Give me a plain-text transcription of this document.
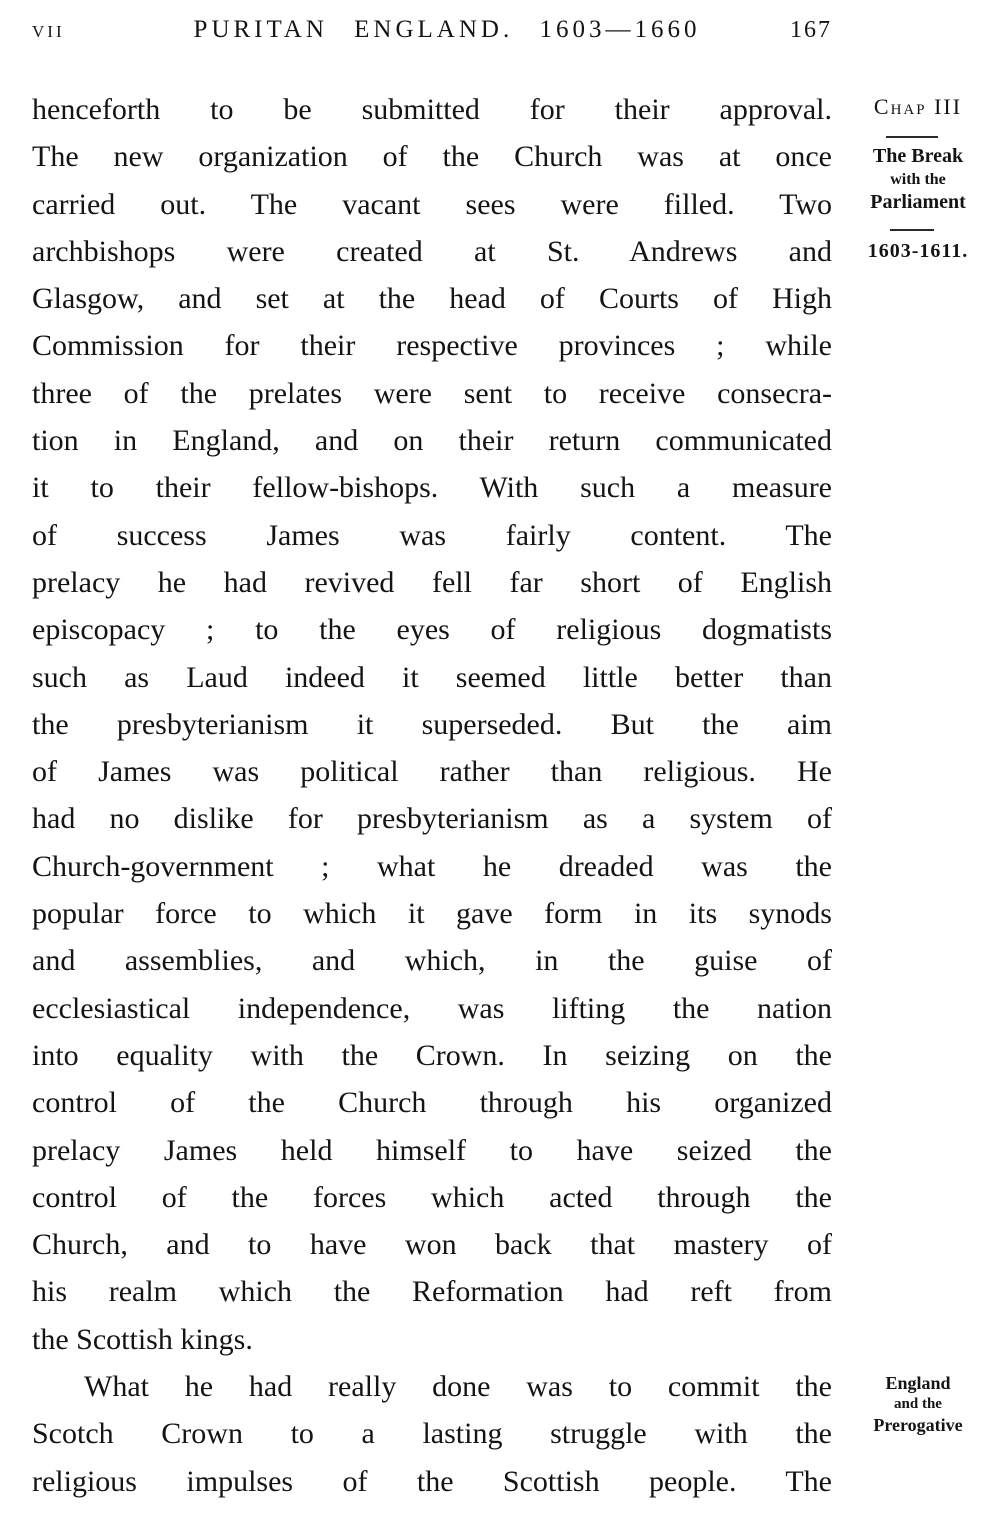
vii	PURITAN ENGLAND. 1603—1660	167
henceforth to be submitted for their approval.
The new organization of the Church was at once
carried out. The vacant sees were filled. Two
archbishops were created at St. Andrews and
Glasgow, and set at the head of Courts of High
Commission for their respective provinces ; while
three of the prelates were sent to receive consecra-
tion in England, and on their return communicated
it to their fellow-bishops. With such a measure
of success James was fairly content. The
prelacy he had revived fell far short of English
episcopacy ; to the eyes of religious dogmatists
such as Laud indeed it seemed little better than
the presbyterianism it superseded. But the aim
of James was political rather than religious. He
had no dislike for presbyterianism as a system of
Church-government ; what he dreaded was the
popular force to which it gave form in its synods
and assemblies, and which, in the guise of
ecclesiastical independence, was lifting the nation
into equality with the Crown. In seizing on the
control of the Church through his organized
prelacy James held himself to have seized the
control of the forces which acted through the
Church, and to have won back that mastery of
his realm which the Reformation had reft from
the Scottish kings.
What he had really done was to commit the
Scotch Crown to a lasting struggle with the
religious impulses of the Scottish people. The
Chap III
The Break
with the
Parliament
1603-1611.
England
and the
Prerogative
